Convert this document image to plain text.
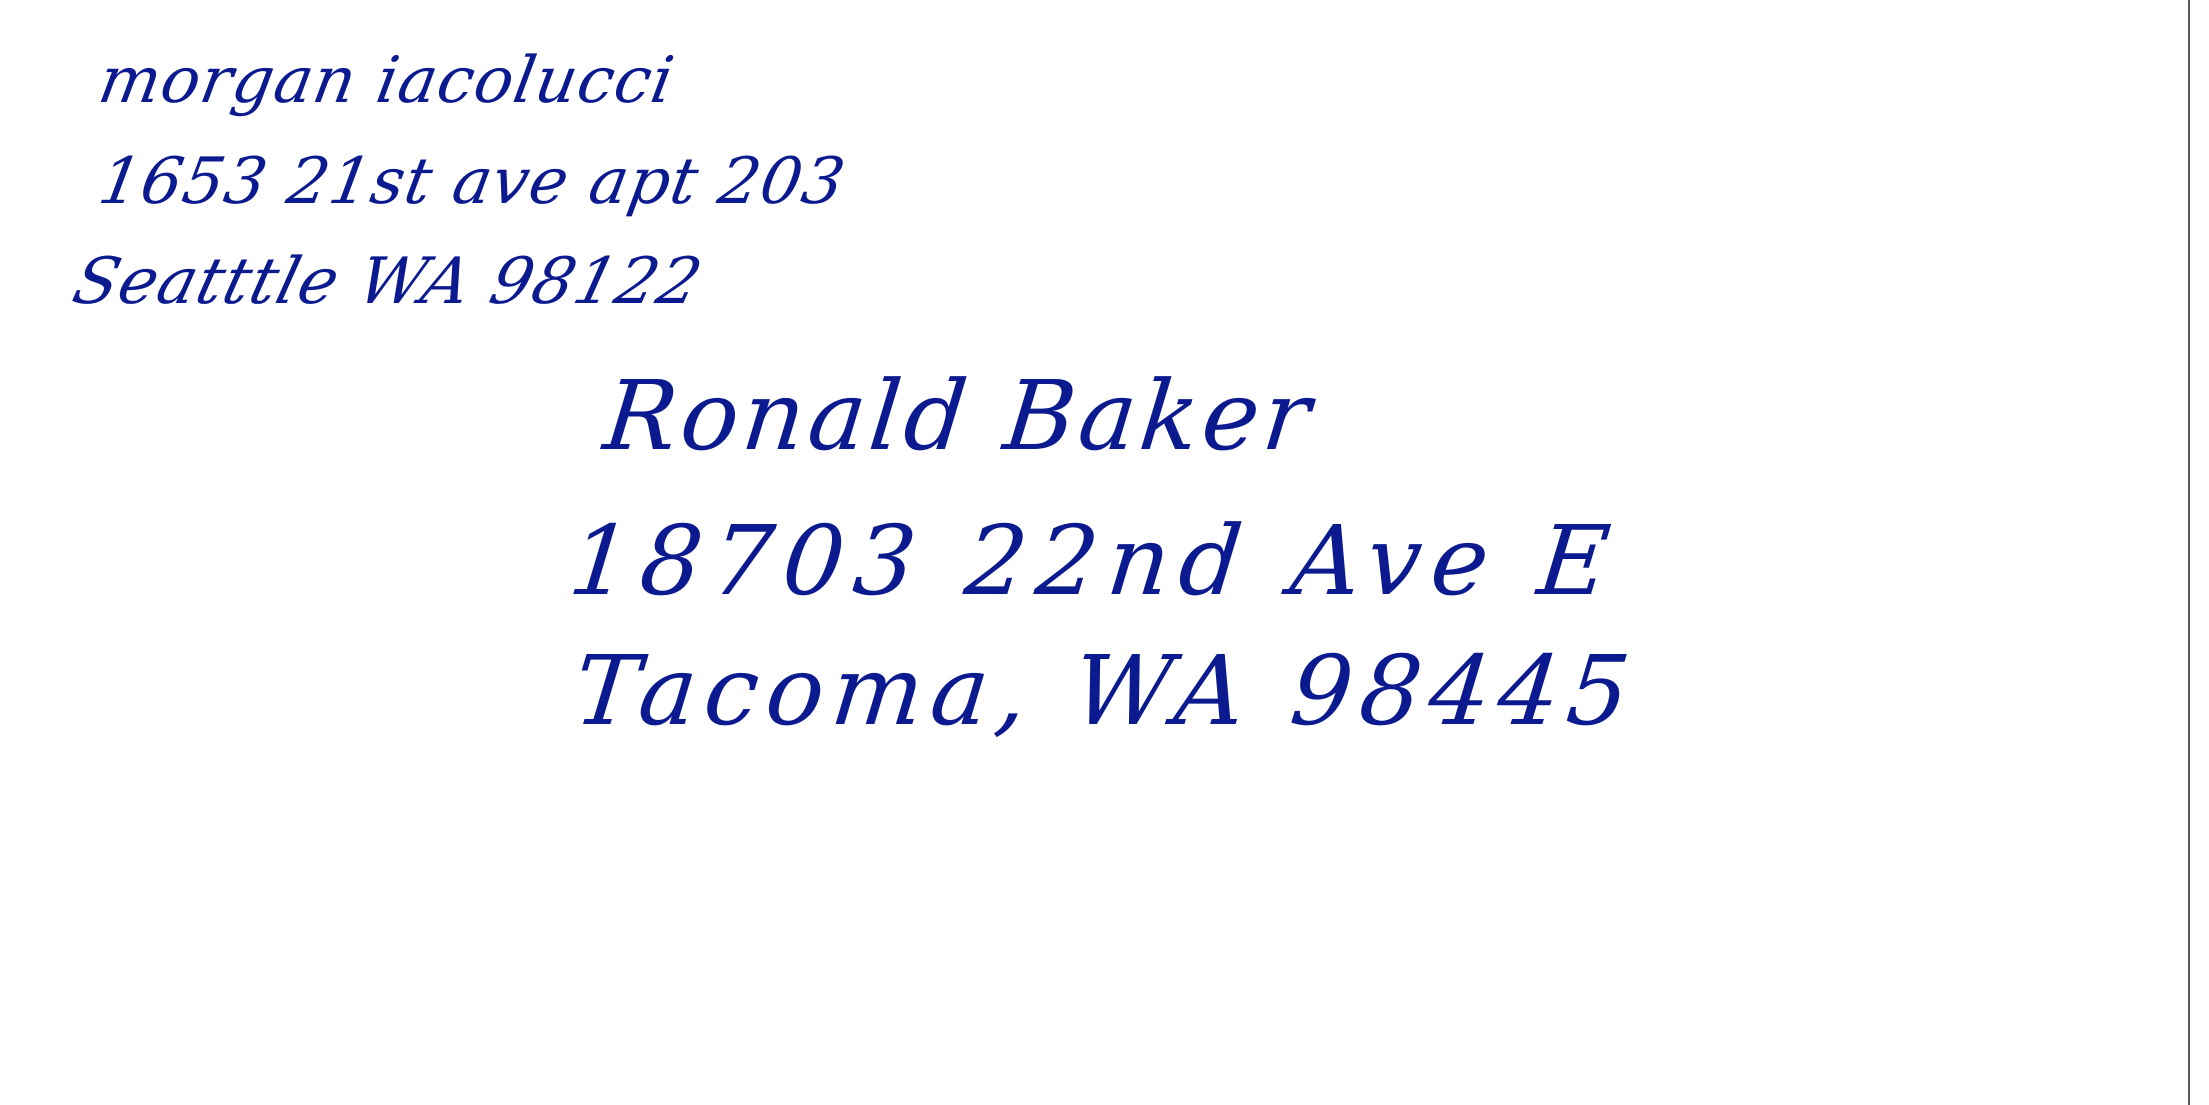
morgan iacolucci
1653 21st ave apt 203
Seatttle WA 98122
Ronald Baker
18703 22nd Ave E
Tacoma, WA 98445
